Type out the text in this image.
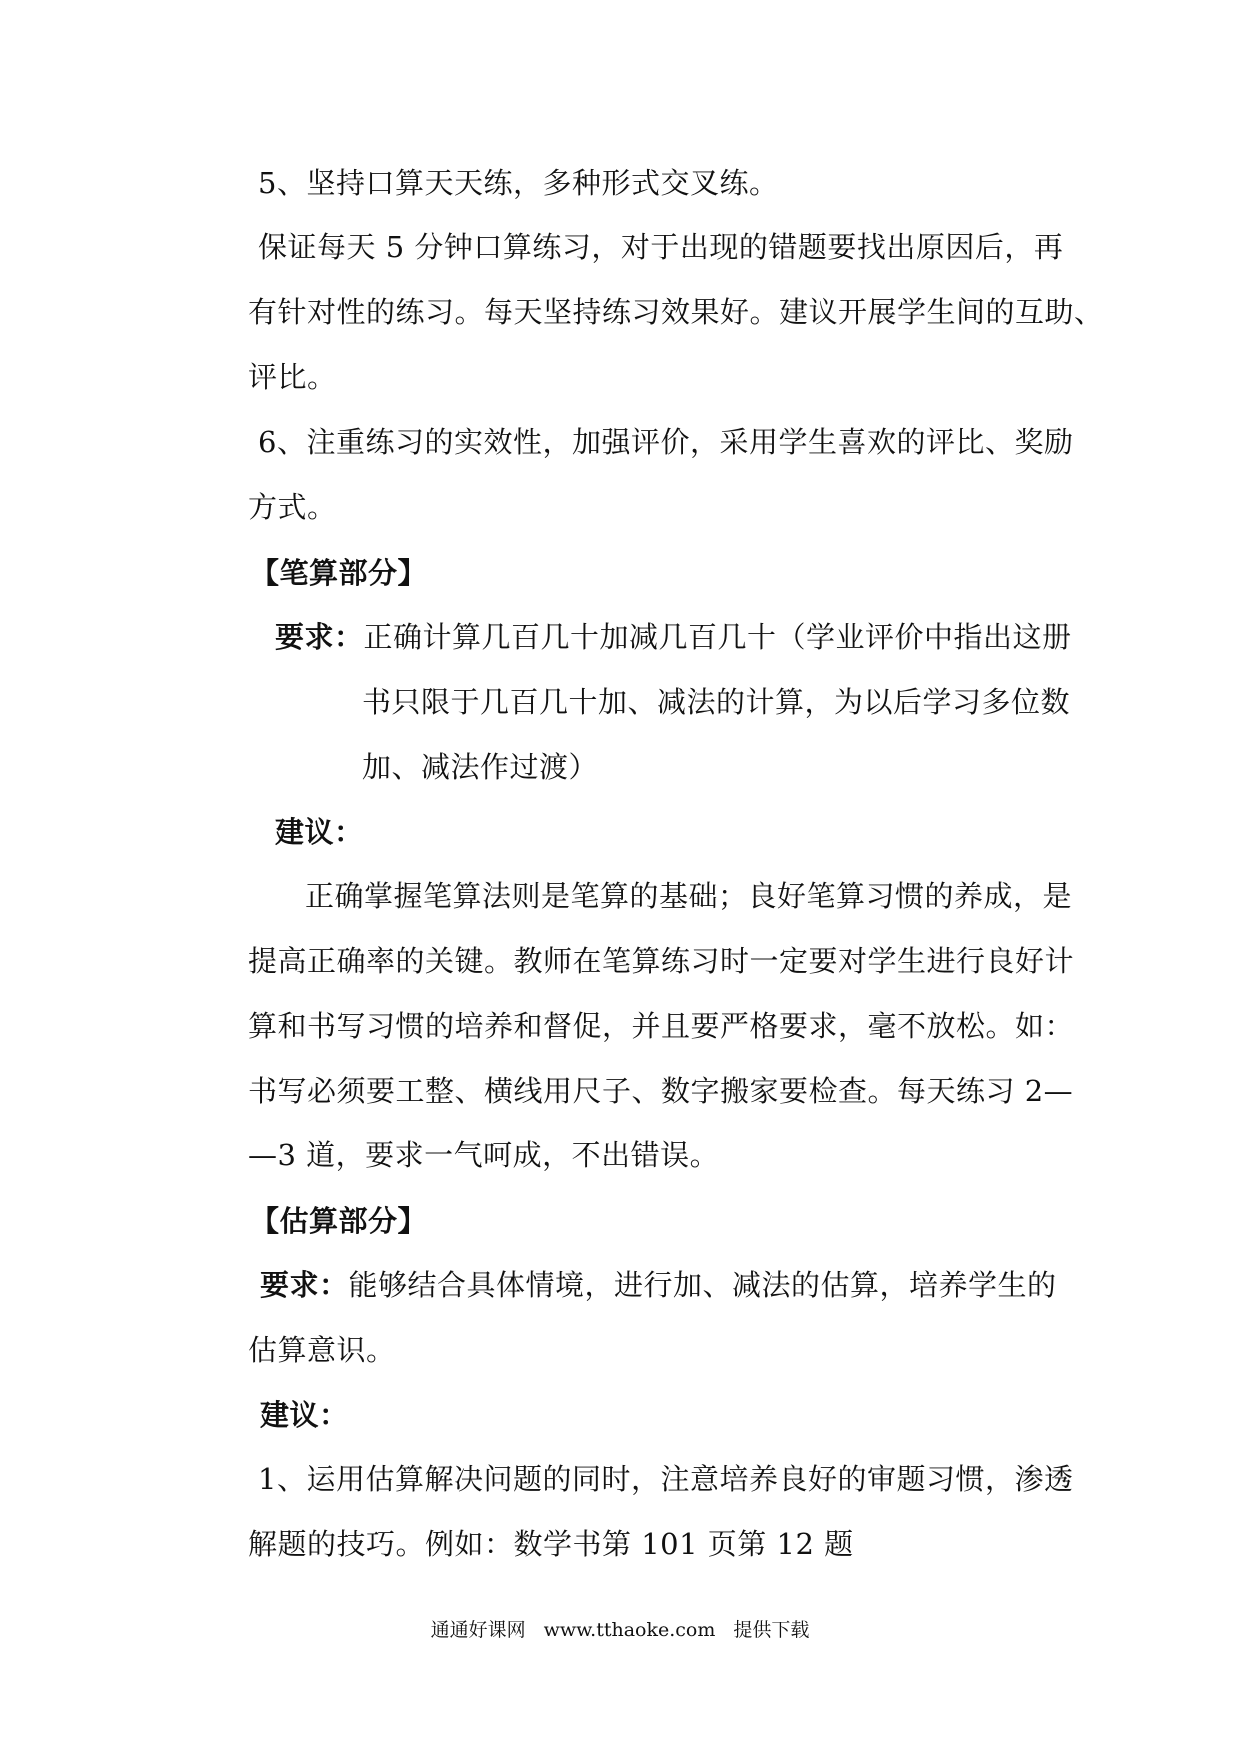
5、坚持口算天天练，多种形式交叉练。
保证每天 5 分钟口算练习，对于出现的错题要找出原因后，再
有针对性的练习。每天坚持练习效果好。建议开展学生间的互助、
评比。
6、注重练习的实效性，加强评价，采用学生喜欢的评比、奖励
方式。
【笔算部分】
要求：正确计算几百几十加减几百几十（学业评价中指出这册
书只限于几百几十加、减法的计算，为以后学习多位数
加、减法作过渡）
建议：
正确掌握笔算法则是笔算的基础；良好笔算习惯的养成，是
提高正确率的关键。教师在笔算练习时一定要对学生进行良好计
算和书写习惯的培养和督促，并且要严格要求，毫不放松。如：
书写必须要工整、横线用尺子、数字搬家要检查。每天练习 2—
—3 道，要求一气呵成，不出错误。
【估算部分】
要求：能够结合具体情境，进行加、减法的估算，培养学生的
估算意识。
建议：
1、运用估算解决问题的同时，注意培养良好的审题习惯，渗透
解题的技巧。例如：数学书第 101 页第 12 题
通通好课网 www.tthaoke.com 提供下载
